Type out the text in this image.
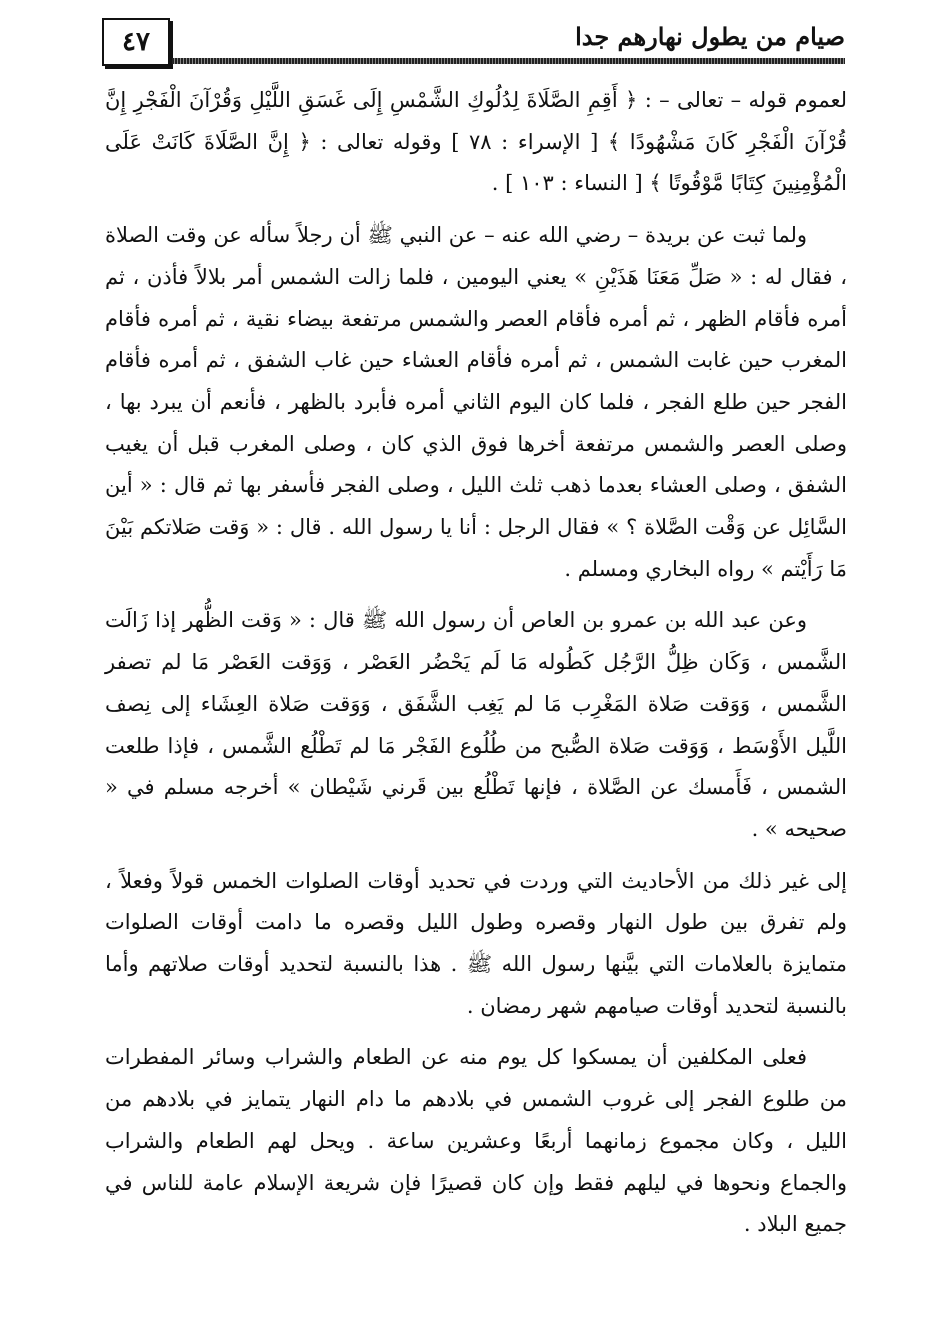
٤٧	صيام من يطول نهارهم جدا

لعموم قوله – تعالى – : ﴿ أَقِمِ الصَّلَاةَ لِدُلُوكِ الشَّمْسِ إِلَى غَسَقِ اللَّيْلِ وَقُرْآنَ الْفَجْرِ إِنَّ قُرْآنَ الْفَجْرِ كَانَ مَشْهُودًا ﴾ [ الإسراء : ٧٨ ] وقوله تعالى : ﴿ إِنَّ الصَّلَاةَ كَانَتْ عَلَى الْمُؤْمِنِينَ كِتَابًا مَّوْقُوتًا ﴾ [ النساء : ١٠٣ ] .

ولما ثبت عن بريدة – رضي الله عنه – عن النبي ﷺ أن رجلاً سأله عن وقت الصلاة ، فقال له : « صَلِّ مَعَنَا هَذَيْنِ » يعني اليومين ، فلما زالت الشمس أمر بلالاً فأذن ، ثم أمره فأقام الظهر ، ثم أمره فأقام العصر والشمس مرتفعة بيضاء نقية ، ثم أمره فأقام المغرب حين غابت الشمس ، ثم أمره فأقام العشاء حين غاب الشفق ، ثم أمره فأقام الفجر حين طلع الفجر ، فلما كان اليوم الثاني أمره فأبرد بالظهر ، فأنعم أن يبرد بها ، وصلى العصر والشمس مرتفعة أخرها فوق الذي كان ، وصلى المغرب قبل أن يغيب الشفق ، وصلى العشاء بعدما ذهب ثلث الليل ، وصلى الفجر فأسفر بها ثم قال : « أين السَّائِل عن وَقْت الصَّلاة ؟ » فقال الرجل : أنا يا رسول الله . قال : « وَقت صَلاتكم بَيْنَ مَا رَأَيْتم » رواه البخاري ومسلم .

وعن عبد الله بن عمرو بن العاص أن رسول الله ﷺ قال : « وَقت الظُّهر إذا زَالَت الشَّمس ، وَكَان ظِلُّ الرَّجُل كَطُوله مَا لَم يَحْضُر العَصْر ، وَوَقت العَصْر مَا لم تصفر الشَّمس ، وَوَقت صَلاة المَغْرِب مَا لم يَغِب الشَّفَق ، وَوَقت صَلاة العِشَاء إلى نِصف اللَّيل الأَوْسَط ، وَوَقت صَلاة الصُّبح من طُلُوع الفَجْر مَا لم تَطْلُع الشَّمس ، فإذا طلعت الشمس ، فَأَمسك عن الصَّلاة ، فإنها تَطْلُع بين قَرني شَيْطان » أخرجه مسلم في « صحيحه » .

إلى غير ذلك من الأحاديث التي وردت في تحديد أوقات الصلوات الخمس قولاً وفعلاً ، ولم تفرق بين طول النهار وقصره وطول الليل وقصره ما دامت أوقات الصلوات متمايزة بالعلامات التي بيَّنها رسول الله ﷺ . هذا بالنسبة لتحديد أوقات صلاتهم وأما بالنسبة لتحديد أوقات صيامهم شهر رمضان .

فعلى المكلفين أن يمسكوا كل يوم منه عن الطعام والشراب وسائر المفطرات من طلوع الفجر إلى غروب الشمس في بلادهم ما دام النهار يتمايز في بلادهم من الليل ، وكان مجموع زمانهما أربعًا وعشرين ساعة . ويحل لهم الطعام والشراب والجماع ونحوها في ليلهم فقط وإن كان قصيرًا فإن شريعة الإسلام عامة للناس في جميع البلاد .
